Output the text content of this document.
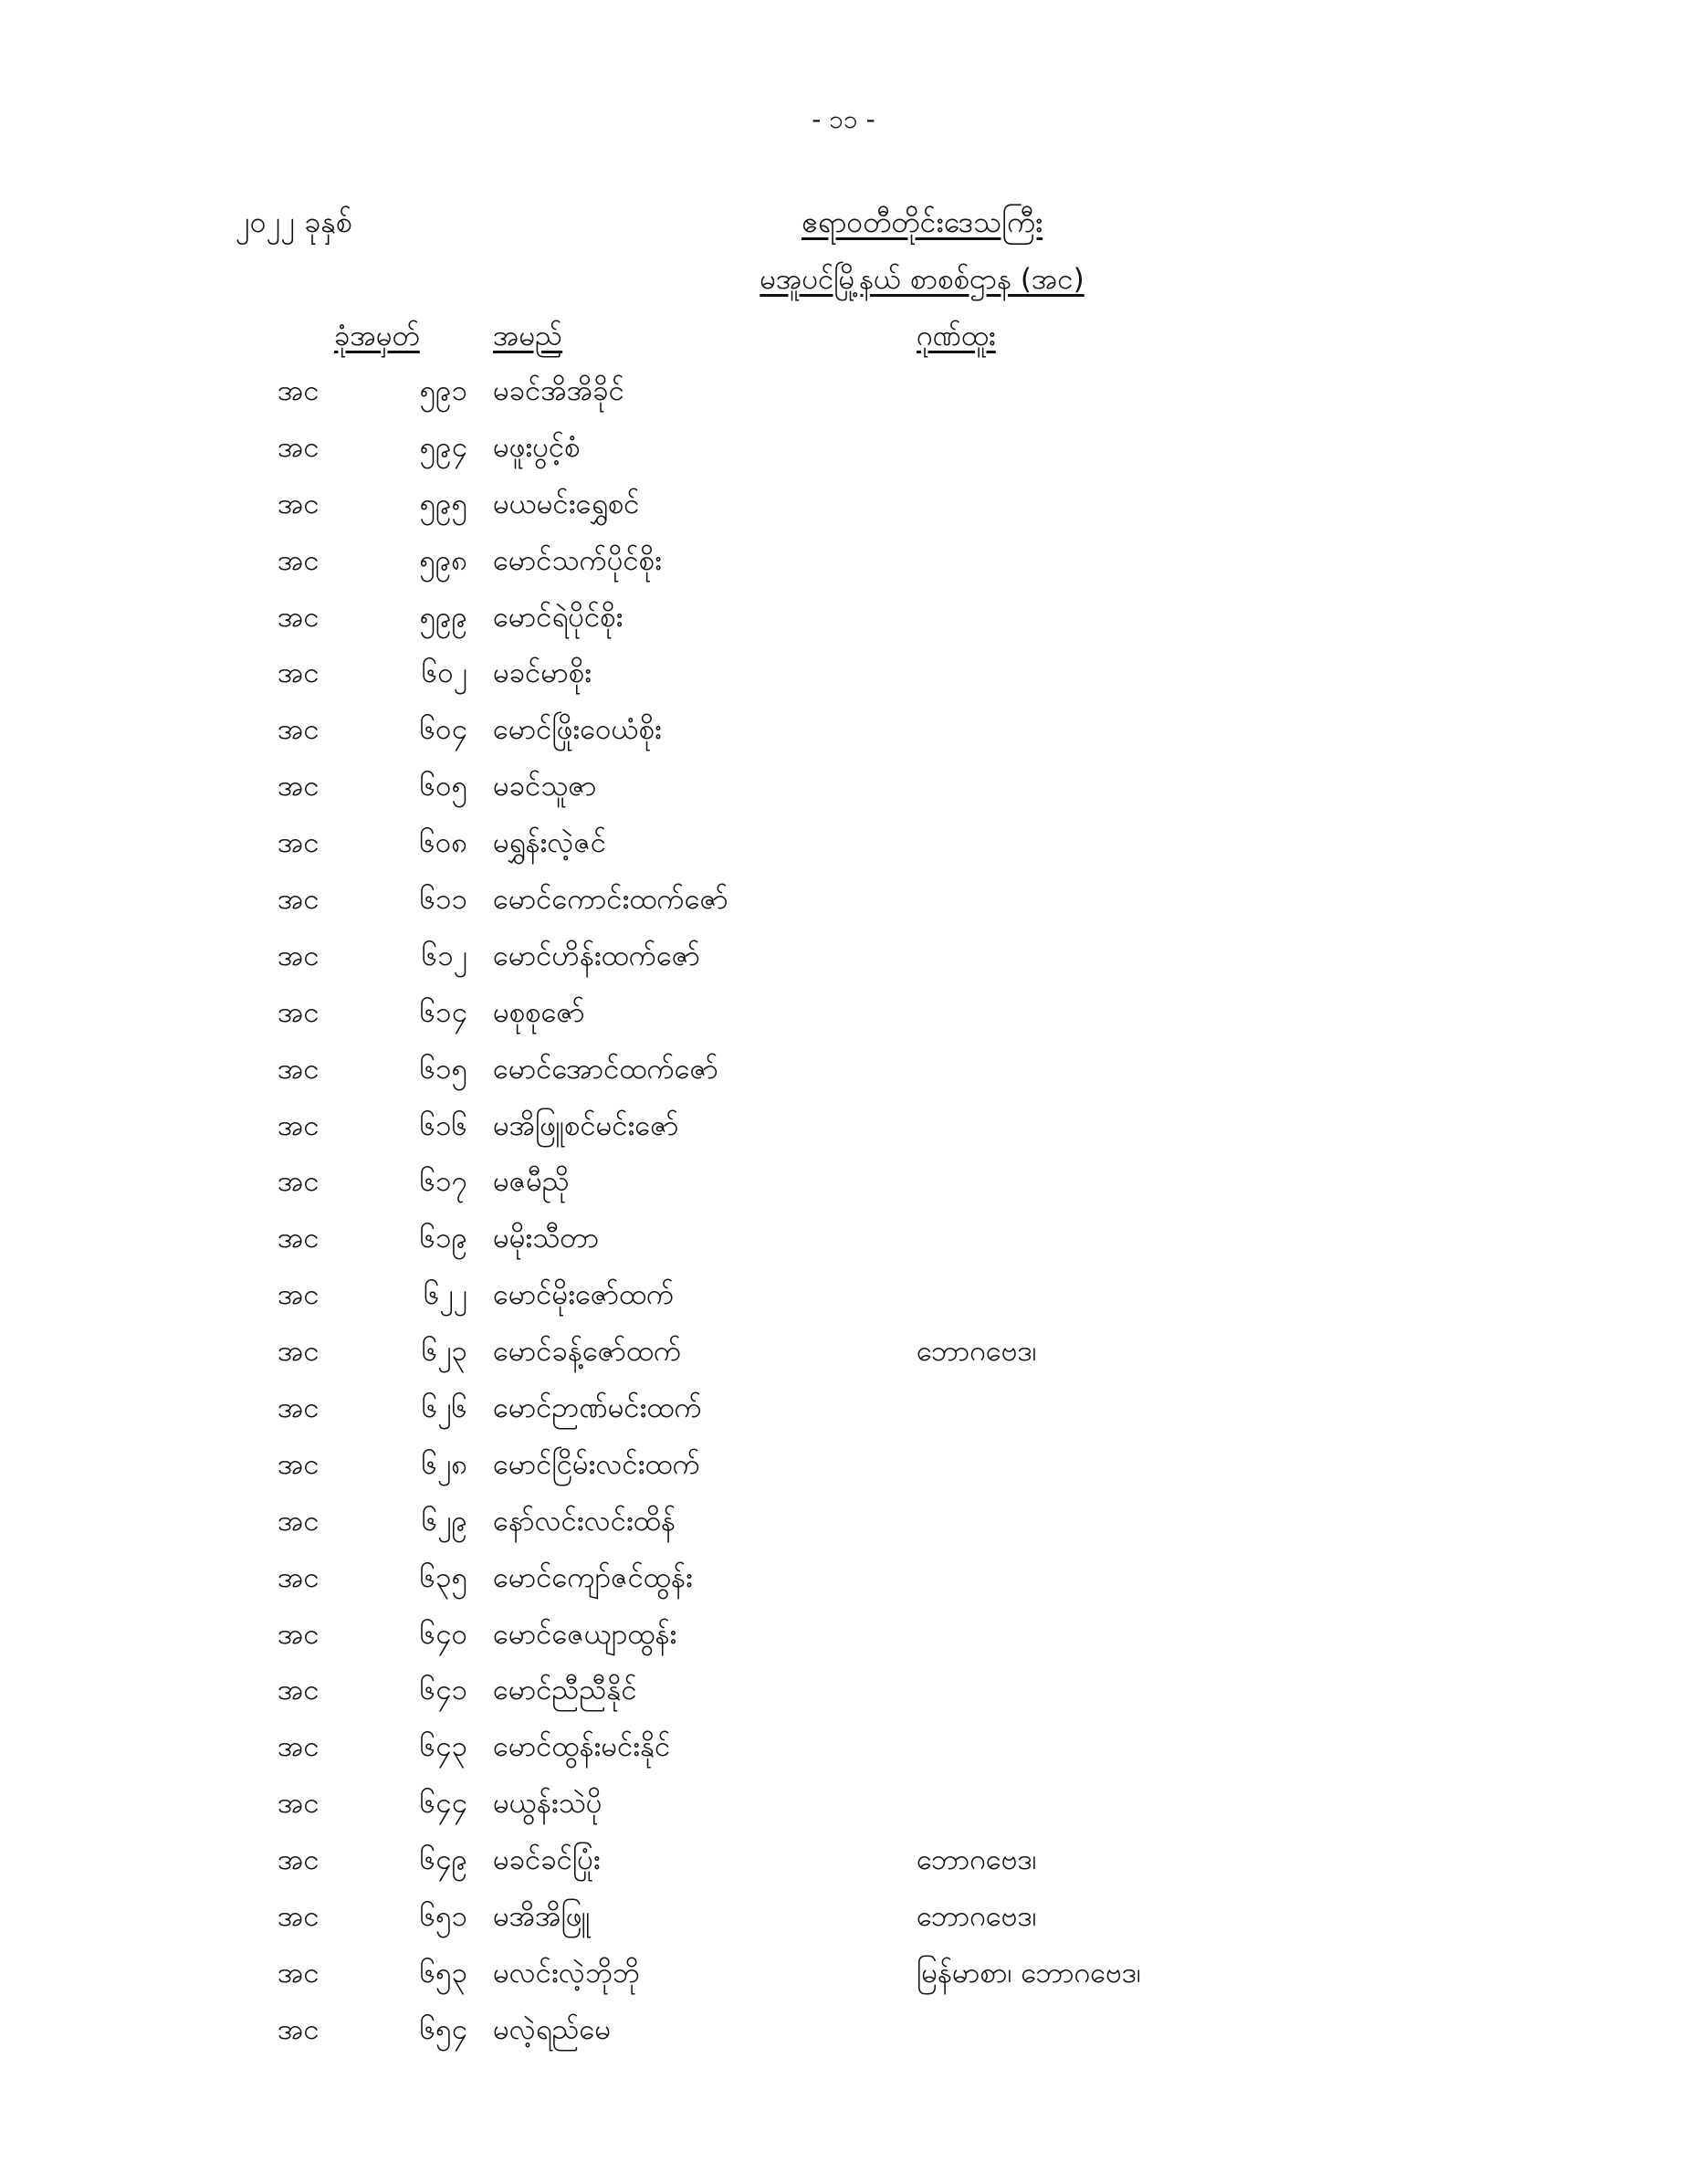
- ၁၁ -
၂၀၂၂ ခုနှစ်	ဧရာဝတီတိုင်းဒေသကြီး
မအူပင်မြို့နယ် စာစစ်ဌာန (အင)
ခုံအမှတ်	အမည်	ဂုဏ်ထူး
အင	၅၉၁ မခင်အိအိခိုင်
အင	၅၉၄ မဖူးပွင့်စံ
အင	၅၉၅ မယမင်းရွှေစင်
အင	၅၉၈ မောင်သက်ပိုင်စိုး
အင	၅၉၉ မောင်ရဲပိုင်စိုး
အင	၆၀၂ မခင်မာစိုး
အင	၆၀၄ မောင်ဖြိုးဝေယံစိုး
အင	၆၀၅ မခင်သူဇာ
အင	၆၀၈ မရွှန်းလဲ့ဇင်
အင	၆၁၁ မောင်ကောင်းထက်ဇော်
အင	၆၁၂ မောင်ဟိန်းထက်ဇော်
အင	၆၁၄ မစုစုဇော်
အင	၆၁၅ မောင်အောင်ထက်ဇော်
အင	၆၁၆ မအိဖြူစင်မင်းဇော်
အင	၆၁၇ မဇမီညို
အင	၆၁၉ မမိုးသီတာ
အင	၆၂၂ မောင်မိုးဇော်ထက်
အင	၆၂၃ မောင်ခန့်ဇော်ထက်	ဘောဂဗေဒ၊
အင	၆၂၆ မောင်ဉာဏ်မင်းထက်
အင	၆၂၈ မောင်ငြိမ်းလင်းထက်
အင	၆၂၉ နော်လင်းလင်းထိန်
အင	၆၃၅ မောင်ကျော်ဇင်ထွန်း
အင	၆၄၀ မောင်ဇေယျာထွန်း
အင	၆၄၁ မောင်ညီညီနိုင်
အင	၆၄၃ မောင်ထွန်းမင်းနိုင်
အင	၆၄၄ မယွန်းသဲပို
အင	၆၄၉ မခင်ခင်ပြုံး	ဘောဂဗေဒ၊
အင	၆၅၁ မအိအိဖြူ	ဘောဂဗေဒ၊
အင	၆၅၃ မလင်းလဲ့ဘိုဘို	မြန်မာစာ၊ ဘောဂဗေဒ၊
အင	၆၅၄ မလဲ့ရည်မေ
